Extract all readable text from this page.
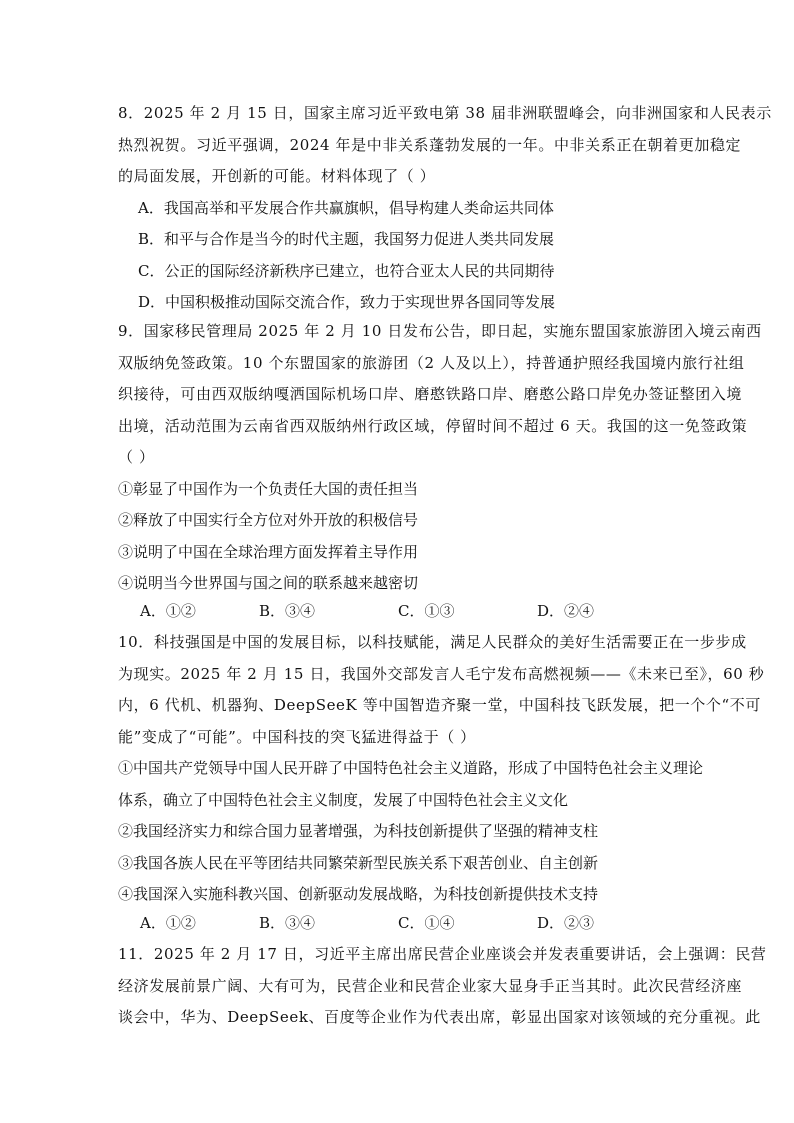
8．2025 年 2 月 15 日，国家主席习近平致电第 38 届非洲联盟峰会，向非洲国家和人民表示
热烈祝贺。习近平强调，2024 年是中非关系蓬勃发展的一年。中非关系正在朝着更加稳定
的局面发展，开创新的可能。材料体现了（ ）
A．我国高举和平发展合作共赢旗帜，倡导构建人类命运共同体
B．和平与合作是当今的时代主题，我国努力促进人类共同发展
C．公正的国际经济新秩序已建立，也符合亚太人民的共同期待
D．中国积极推动国际交流合作，致力于实现世界各国同等发展
9．国家移民管理局 2025 年 2 月 10 日发布公告，即日起，实施东盟国家旅游团入境云南西
双版纳免签政策。10 个东盟国家的旅游团（2 人及以上），持普通护照经我国境内旅行社组
织接待，可由西双版纳嘎洒国际机场口岸、磨憨铁路口岸、磨憨公路口岸免办签证整团入境
出境，活动范围为云南省西双版纳州行政区域，停留时间不超过 6 天。我国的这一免签政策
（ ）
①彰显了中国作为一个负责任大国的责任担当
②释放了中国实行全方位对外开放的积极信号
③说明了中国在全球治理方面发挥着主导作用
④说明当今世界国与国之间的联系越来越密切
A．①②	B．③④	C．①③	D．②④
10．科技强国是中国的发展目标，以科技赋能，满足人民群众的美好生活需要正在一步步成
为现实。2025 年 2 月 15 日，我国外交部发言人毛宁发布高燃视频——《未来已至》，60 秒
内，6 代机、机器狗、DeepSeeK 等中国智造齐聚一堂，中国科技飞跃发展，把一个个“不可
能”变成了“可能”。中国科技的突飞猛进得益于（ ）
①中国共产党领导中国人民开辟了中国特色社会主义道路，形成了中国特色社会主义理论
体系，确立了中国特色社会主义制度，发展了中国特色社会主义文化
②我国经济实力和综合国力显著增强，为科技创新提供了坚强的精神支柱
③我国各族人民在平等团结共同繁荣新型民族关系下艰苦创业、自主创新
④我国深入实施科教兴国、创新驱动发展战略，为科技创新提供技术支持
A．①②	B．③④	C．①④	D．②③
11．2025 年 2 月 17 日，习近平主席出席民营企业座谈会并发表重要讲话，会上强调：民营
经济发展前景广阔、大有可为，民营企业和民营企业家大显身手正当其时。此次民营经济座
谈会中，华为、DeepSeek、百度等企业作为代表出席，彰显出国家对该领域的充分重视。此
